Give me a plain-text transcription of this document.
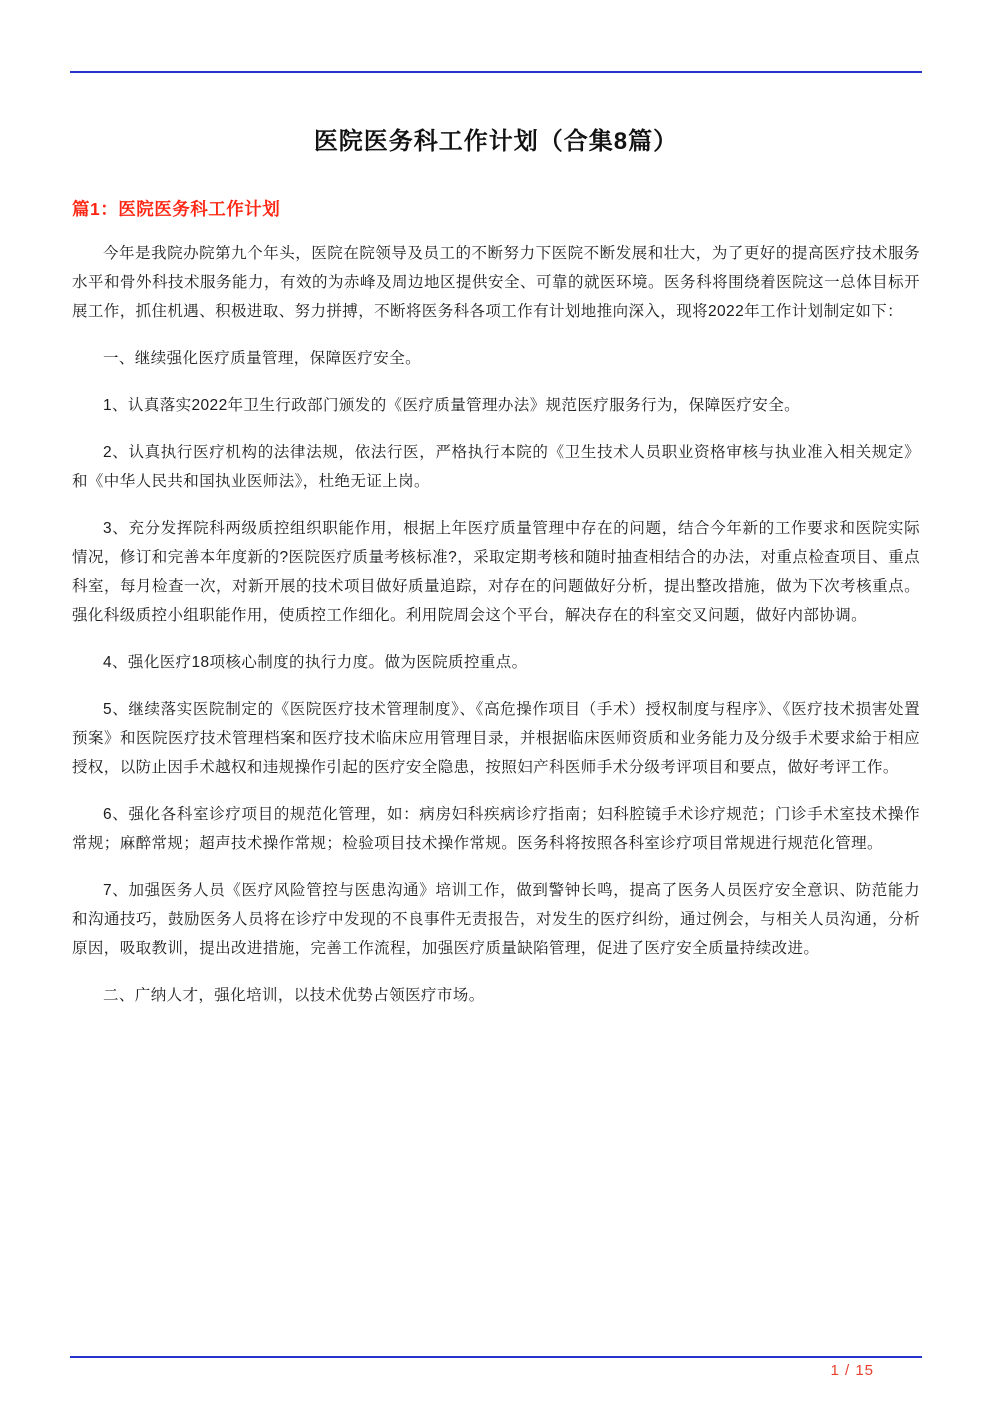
医院医务科工作计划（合集8篇）
篇1：医院医务科工作计划

今年是我院办院第九个年头，医院在院领导及员工的不断努力下医院不断发展和壮大，为了更好的提高医疗技术服务水平和骨外科技术服务能力，有效的为赤峰及周边地区提供安全、可靠的就医环境。医务科将围绕着医院这一总体目标开展工作，抓住机遇、积极进取、努力拼搏，不断将医务科各项工作有计划地推向深入，现将2022年工作计划制定如下：

一、继续强化医疗质量管理，保障医疗安全。

1、认真落实2022年卫生行政部门颁发的《医疗质量管理办法》规范医疗服务行为，保障医疗安全。

2、认真执行医疗机构的法律法规，依法行医，严格执行本院的《卫生技术人员职业资格审核与执业准入相关规定》和《中华人民共和国执业医师法》，杜绝无证上岗。

3、充分发挥院科两级质控组织职能作用，根据上年医疗质量管理中存在的问题，结合今年新的工作要求和医院实际情况，修订和完善本年度新的?医院医疗质量考核标准?，采取定期考核和随时抽查相结合的办法，对重点检查项目、重点科室，每月检查一次，对新开展的技术项目做好质量追踪，对存在的问题做好分析，提出整改措施，做为下次考核重点。强化科级质控小组职能作用，使质控工作细化。利用院周会这个平台，解决存在的科室交叉问题，做好内部协调。

4、强化医疗18项核心制度的执行力度。做为医院质控重点。

5、继续落实医院制定的《医院医疗技术管理制度》、《高危操作项目（手术）授权制度与程序》、《医疗技术损害处置预案》和医院医疗技术管理档案和医疗技术临床应用管理目录，并根据临床医师资质和业务能力及分级手术要求給于相应授权，以防止因手术越权和违规操作引起的医疗安全隐患，按照妇产科医师手术分级考评项目和要点，做好考评工作。

6、强化各科室诊疗项目的规范化管理，如：病房妇科疾病诊疗指南；妇科腔镜手术诊疗规范；门诊手术室技术操作常规；麻醉常规；超声技术操作常规；检验项目技术操作常规。医务科将按照各科室诊疗项目常规进行规范化管理。

7、加强医务人员《医疗风险管控与医患沟通》培训工作，做到警钟长鸣，提高了医务人员医疗安全意识、防范能力和沟通技巧，鼓励医务人员将在诊疗中发现的不良事件无责报告，对发生的医疗纠纷，通过例会，与相关人员沟通，分析原因，吸取教训，提出改进措施，完善工作流程，加强医疗质量缺陷管理，促进了医疗安全质量持续改进。

二、广纳人才，强化培训，以技术优势占领医疗市场。

1 / 15
